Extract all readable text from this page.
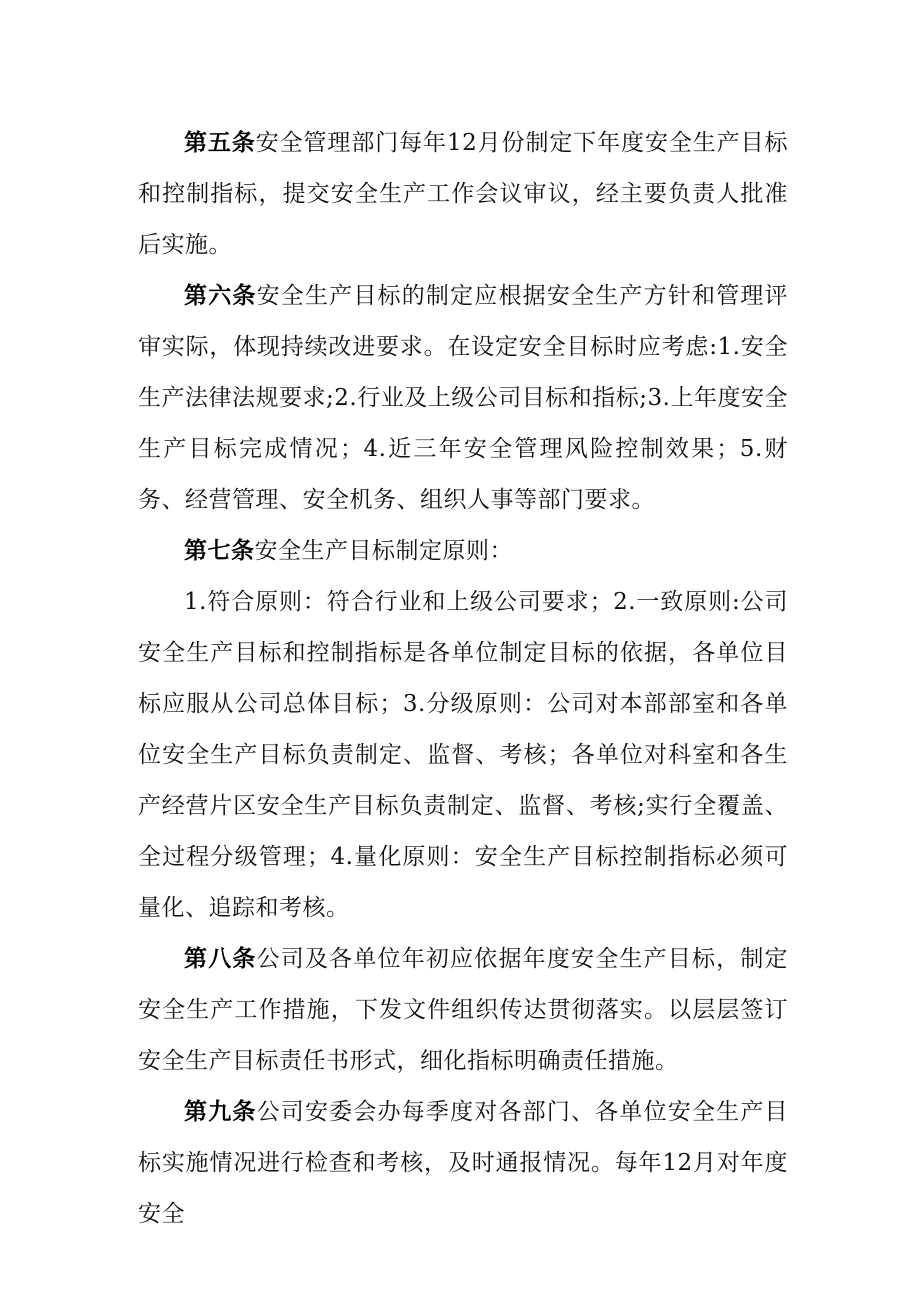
第五条安全管理部门每年12月份制定下年度安全生产目标和控制指标，提交安全生产工作会议审议，经主要负责人批准后实施。

第六条安全生产目标的制定应根据安全生产方针和管理评审实际，体现持续改进要求。在设定安全目标时应考虑:1.安全生产法律法规要求;2.行业及上级公司目标和指标;3.上年度安全生产目标完成情况；4.近三年安全管理风险控制效果；5.财务、经营管理、安全机务、组织人事等部门要求。

第七条安全生产目标制定原则：

1.符合原则：符合行业和上级公司要求；2.一致原则:公司安全生产目标和控制指标是各单位制定目标的依据，各单位目标应服从公司总体目标；3.分级原则：公司对本部部室和各单位安全生产目标负责制定、监督、考核；各单位对科室和各生产经营片区安全生产目标负责制定、监督、考核;实行全覆盖、全过程分级管理；4.量化原则：安全生产目标控制指标必须可量化、追踪和考核。

第八条公司及各单位年初应依据年度安全生产目标，制定安全生产工作措施，下发文件组织传达贯彻落实。以层层签订安全生产目标责任书形式，细化指标明确责任措施。

第九条公司安委会办每季度对各部门、各单位安全生产目标实施情况进行检查和考核，及时通报情况。每年12月对年度安全
